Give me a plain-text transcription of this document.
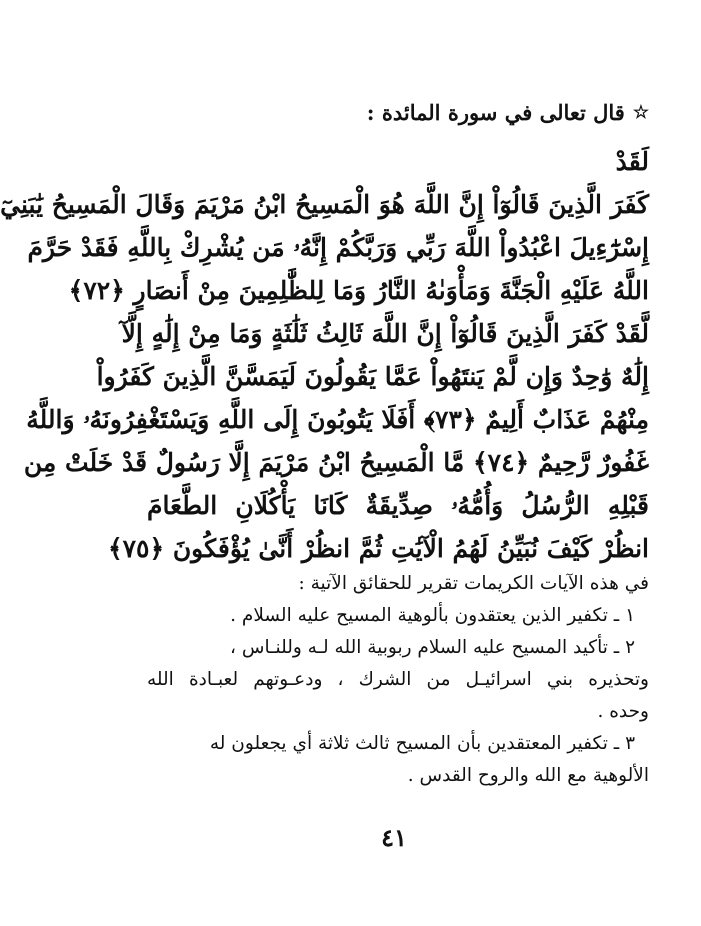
☆
قال تعالى في سورة المائدة :
لَقَدْ
كَفَرَ الَّذِينَ قَالُوٓاْ إِنَّ اللَّهَ هُوَ الْمَسِيحُ ابْنُ مَرْيَمَ وَقَالَ الْمَسِيحُ يَٰبَنِيٓ
إِسْرَٰٓءِيلَ اعْبُدُواْ اللَّهَ رَبِّي وَرَبَّكُمْ إِنَّهُۥ مَن يُشْرِكْ بِاللَّهِ فَقَدْ حَرَّمَ
اللَّهُ عَلَيْهِ الْجَنَّةَ وَمَأْوَىٰهُ النَّارُ وَمَا لِلظَّٰلِمِينَ مِنْ أَنصَارٍ ﴿٧٢﴾
لَّقَدْ كَفَرَ الَّذِينَ قَالُوٓاْ إِنَّ اللَّهَ ثَالِثُ ثَلَٰثَةٍ وَمَا مِنْ إِلَٰهٍ إِلَّآ
إِلَٰهٌ وَٰحِدٌ وَإِن لَّمْ يَنتَهُواْ عَمَّا يَقُولُونَ لَيَمَسَّنَّ الَّذِينَ كَفَرُواْ
مِنْهُمْ عَذَابٌ أَلِيمٌ ﴿٧٣﴾ أَفَلَا يَتُوبُونَ إِلَى اللَّهِ وَيَسْتَغْفِرُونَهُۥ وَاللَّهُ
غَفُورٌ رَّحِيمٌ ﴿٧٤﴾ مَّا الْمَسِيحُ ابْنُ مَرْيَمَ إِلَّا رَسُولٌ قَدْ خَلَتْ مِن
قَبْلِهِ الرُّسُلُ وَأُمُّهُۥ صِدِّيقَةٌ كَانَا يَأْكُلَانِ الطَّعَامَ
انظُرْ كَيْفَ نُبَيِّنُ لَهُمُ الْآيَٰتِ ثُمَّ انظُرْ أَنَّىٰ يُؤْفَكُونَ ﴿٧٥﴾
في هذه الآيات الكريمات تقرير للحقائق الآتية :
١ ـ تكفير الذين يعتقدون بألوهية المسيح عليه السلام .
٢ ـ تأكيد المسيح عليه السلام ربوبية الله لـه وللنـاس ،
وتحذيره بني اسرائيـل من الشرك ، ودعـوتهم لعبـادة الله
وحده .
٣ ـ تكفير المعتقدين بأن المسيح ثالث ثلاثة أي يجعلون له
الألوهية مع الله والروح القدس .
٤١
